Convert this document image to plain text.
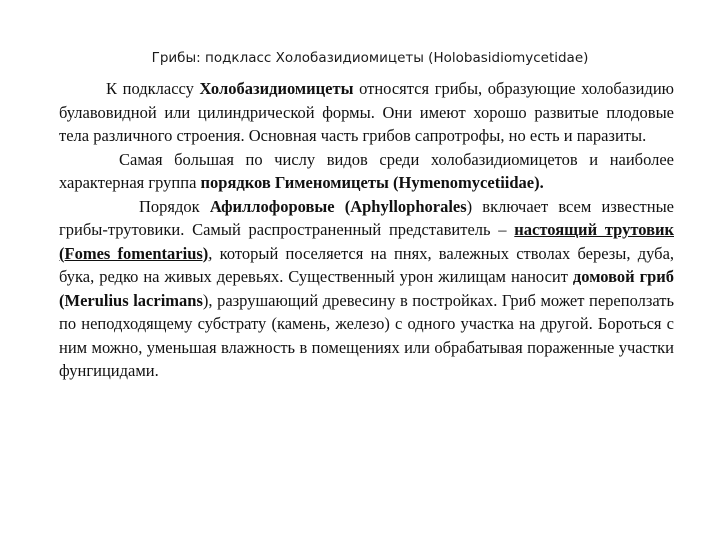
Грибы: подкласс Холобазидиомицеты (Holobasidiomycetidae)

К подклассу Холобазидиомицеты относятся грибы, образующие холобазидию булавовидной или цилиндрической формы. Они имеют хорошо развитые плодовые тела различного строения. Основная часть грибов сапротрофы, но есть и паразиты.

Самая большая по числу видов среди холобазидиомицетов и наиболее характерная группа порядков Гименомицеты (Hymenomycetiidae).

Порядок Афиллофоровые (Aphyllophorales) включает всем известные грибы-трутовики. Самый распространенный представитель – настоящий трутовик (Fomes fomentarius), который поселяется на пнях, валежных стволах березы, дуба, бука, редко на живых деревьях. Существенный урон жилищам наносит домовой гриб (Merulius lacrimans), разрушающий древесину в постройках. Гриб может переползать по неподходящему субстрату (камень, железо) с одного участка на другой. Бороться с ним можно, уменьшая влажность в помещениях или обрабатывая пораженные участки фунгицидами.
